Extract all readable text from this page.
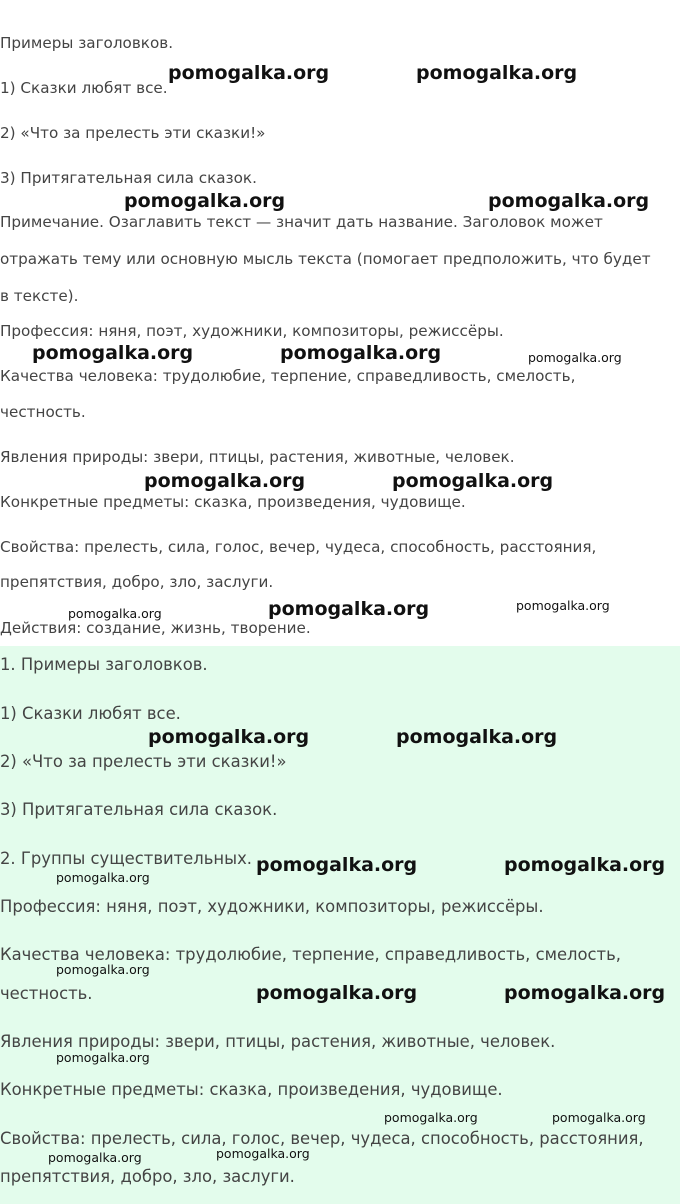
Примеры заголовков.
1) Сказки любят все.
2) «Что за прелесть эти сказки!»
3) Притягательная сила сказок.
Примечание. Озаглавить текст — значит дать название. Заголовок может
отражать тему или основную мысль текста (помогает предположить, что будет
в тексте).
Профессия: няня, поэт, художники, композиторы, режиссёры.
Качества человека: трудолюбие, терпение, справедливость, смелость,
честность.
Явления природы: звери, птицы, растения, животные, человек.
Конкретные предметы: сказка, произведения, чудовище.
Свойства: прелесть, сила, голос, вечер, чудеса, способность, расстояния,
препятствия, добро, зло, заслуги.
Действия: создание, жизнь, творение.
1. Примеры заголовков.
1) Сказки любят все.
2) «Что за прелесть эти сказки!»
3) Притягательная сила сказок.
2. Группы существительных.
Профессия: няня, поэт, художники, композиторы, режиссёры.
Качества человека: трудолюбие, терпение, справедливость, смелость,
честность.
Явления природы: звери, птицы, растения, животные, человек.
Конкретные предметы: сказка, произведения, чудовище.
Свойства: прелесть, сила, голос, вечер, чудеса, способность, расстояния,
препятствия, добро, зло, заслуги.
pomogalka.org	pomogalka.org
pomogalka.org	pomogalka.org
pomogalka.org	pomogalka.org	pomogalka.org
pomogalka.org	pomogalka.org
pomogalka.org	pomogalka.org	pomogalka.org
pomogalka.org	pomogalka.org
pomogalka.org	pomogalka.org
pomogalka.org
pomogalka.org
pomogalka.org	pomogalka.org
pomogalka.org
pomogalka.org	pomogalka.org
pomogalka.org	pomogalka.org
